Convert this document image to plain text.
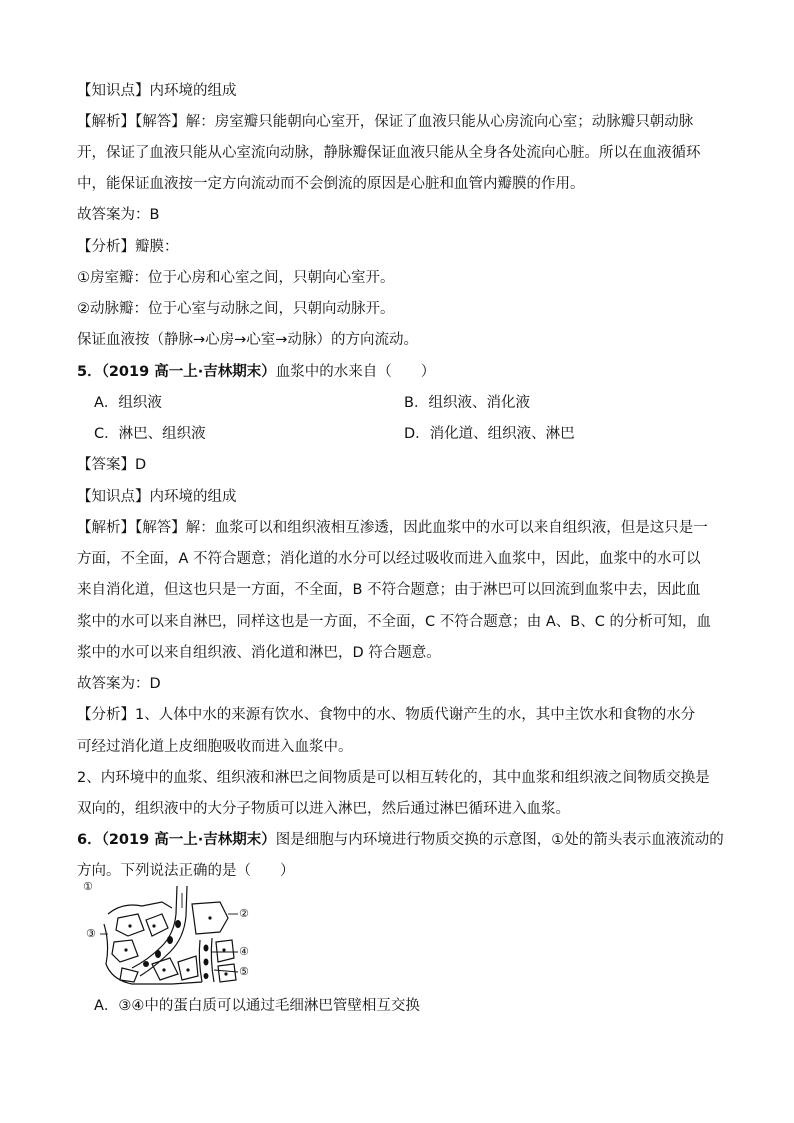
【知识点】内环境的组成
【解析】【解答】解：房室瓣只能朝向心室开，保证了血液只能从心房流向心室；动脉瓣只朝动脉
开，保证了血液只能从心室流向动脉，静脉瓣保证血液只能从全身各处流向心脏。所以在血液循环
中，能保证血液按一定方向流动而不会倒流的原因是心脏和血管内瓣膜的作用。
故答案为：B
【分析】瓣膜：
①房室瓣：位于心房和心室之间，只朝向心室开。
②动脉瓣：位于心室与动脉之间，只朝向动脉开。
保证血液按（静脉→心房→心室→动脉）的方向流动。
5．（2019 高一上·吉林期末）血浆中的水来自（　　）
A．组织液	B．组织液、消化液
C．淋巴、组织液	D．消化道、组织液、淋巴
【答案】D
【知识点】内环境的组成
【解析】【解答】解：血浆可以和组织液相互渗透，因此血浆中的水可以来自组织液，但是这只是一
方面，不全面，A 不符合题意；消化道的水分可以经过吸收而进入血浆中，因此，血浆中的水可以
来自消化道，但这也只是一方面，不全面，B 不符合题意；由于淋巴可以回流到血浆中去，因此血
浆中的水可以来自淋巴，同样这也是一方面，不全面，C 不符合题意；由 A、B、C 的分析可知，血
浆中的水可以来自组织液、消化道和淋巴，D 符合题意。
故答案为：D
【分析】1、人体中水的来源有饮水、食物中的水、物质代谢产生的水，其中主饮水和食物的水分
可经过消化道上皮细胞吸收而进入血浆中。
2、内环境中的血浆、组织液和淋巴之间物质是可以相互转化的，其中血浆和组织液之间物质交换是
双向的，组织液中的大分子物质可以进入淋巴，然后通过淋巴循环进入血浆。
6．（2019 高一上·吉林期末）图是细胞与内环境进行物质交换的示意图，①处的箭头表示血液流动的
方向。下列说法正确的是（　　）
①
②
③
④
⑤
A．③④中的蛋白质可以通过毛细淋巴管壁相互交换
